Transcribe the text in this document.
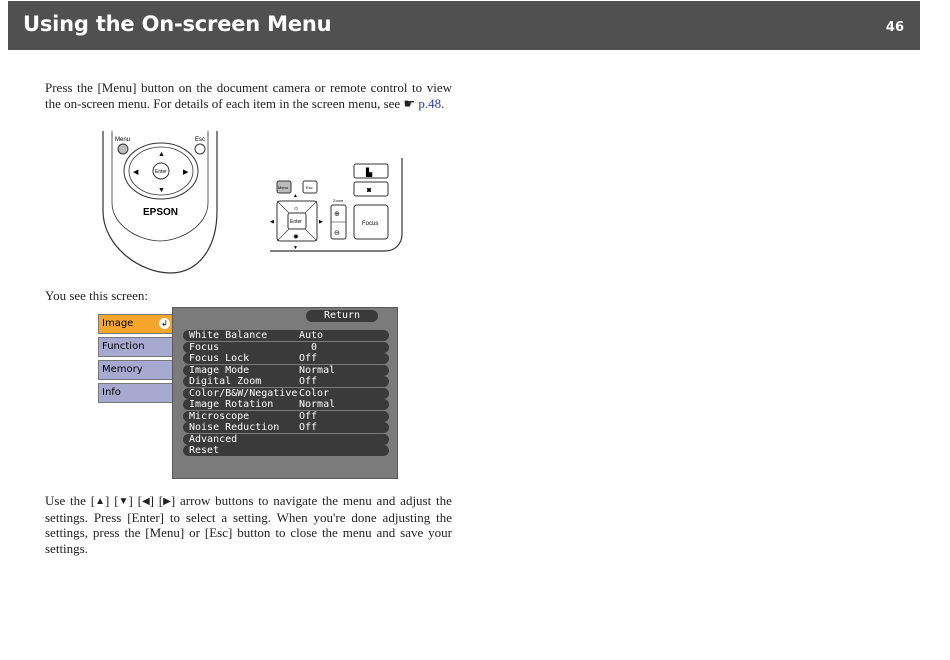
Using the On-screen Menu	46
Press the [Menu] button on the document camera or remote control to view the on-screen menu. For details of each item in the screen menu, see ☛ p.48.
Menu	Esc
Enter
▲
▼
◀	▶
EPSON
Menu	Esc
Enter
▲
▼
◀	▶
☼
✹
Zoom
⊕
⊖
▙
◙
Focus
You see this screen:
Image	↲
Function
Memory
Info
Return
White Balance	Auto
Focus	0
Focus Lock	Off
Image Mode	Normal
Digital Zoom	Off
Color/B&W/Negative Color
Image Rotation	Normal
Microscope	Off
Noise Reduction Off
Advanced
Reset
Use the [▲] [▼] [◀] [▶] arrow buttons to navigate the menu and adjust the settings. Press [Enter] to select a setting. When you're done adjusting the settings, press the [Menu] or [Esc] button to close the menu and save your settings.
